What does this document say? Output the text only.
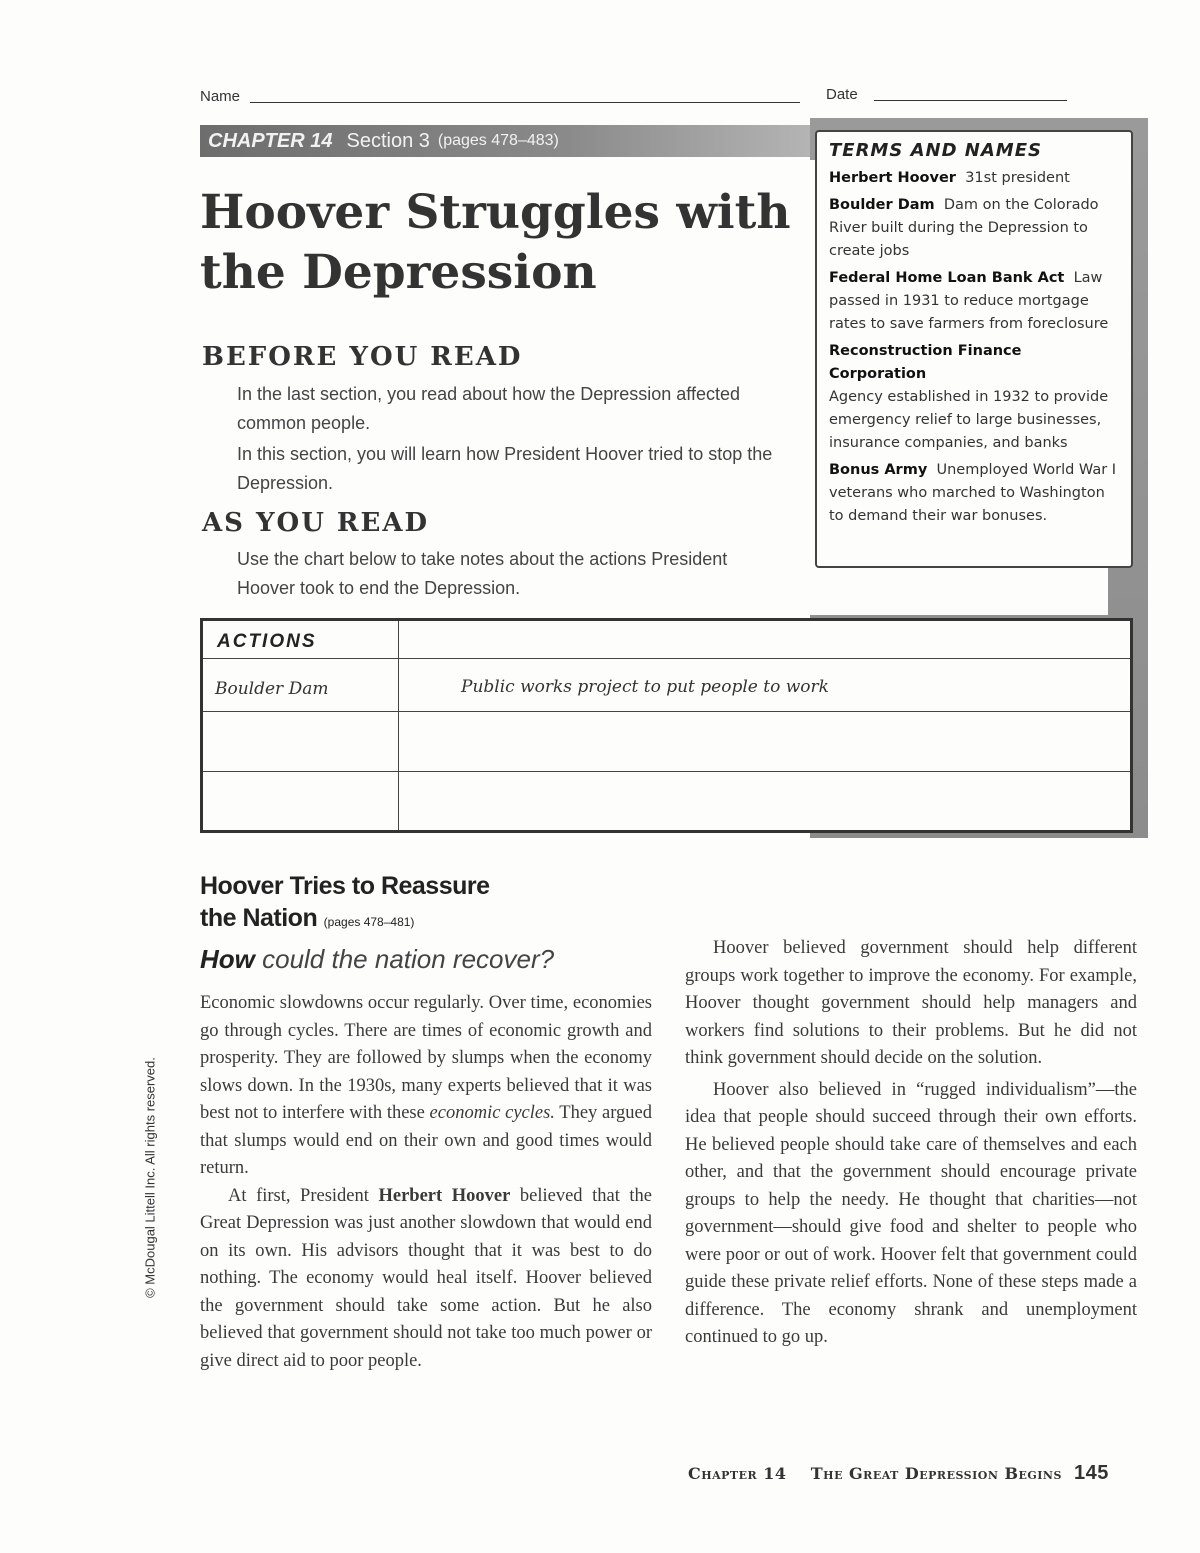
Name	Date
CHAPTER 14 Section 3 (pages 478–483)
Hoover Struggles with the Depression
BEFORE YOU READ
In the last section, you read about how the Depression affected common people.
In this section, you will learn how President Hoover tried to stop the Depression.
AS YOU READ
Use the chart below to take notes about the actions President Hoover took to end the Depression.
TERMS AND NAMES
Herbert Hoover 31st president
Boulder Dam Dam on the Colorado River built during the Depression to create jobs
Federal Home Loan Bank Act Law passed in 1931 to reduce mortgage rates to save farmers from foreclosure
Reconstruction Finance Corporation
Agency established in 1932 to provide emergency relief to large businesses, insurance companies, and banks
Bonus Army Unemployed World War I veterans who marched to Washington to demand their war bonuses.
ACTIONS
Boulder Dam	Public works project to put people to work
Hoover Tries to Reassure
the Nation (pages 478–481)
How could the nation recover?

Economic slowdowns occur regularly. Over time, economies go through cycles. There are times of economic growth and prosperity. They are followed by slumps when the economy slows down. In the 1930s, many experts believed that it was best not to interfere with these economic cycles. They argued that slumps would end on their own and good times would return.

At first, President Herbert Hoover believed that the Great Depression was just another slowdown that would end on its own. His advisors thought that it was best to do nothing. The economy would heal itself. Hoover believed the government should take some action. But he also believed that government should not take too much power or give direct aid to poor people.

Hoover believed government should help different groups work together to improve the economy. For example, Hoover thought government should help managers and workers find solutions to their problems. But he did not think government should decide on the solution.

Hoover also believed in “rugged individualism”—the idea that people should succeed through their own efforts. He believed people should take care of themselves and each other, and that the government should encourage private groups to help the needy. He thought that charities—not government—should give food and shelter to people who were poor or out of work. Hoover felt that government could guide these private relief efforts. None of these steps made a difference. The economy shrank and unemployment continued to go up.

© McDougal Littell Inc. All rights reserved.
Chapter 14 The Great Depression Begins 145
